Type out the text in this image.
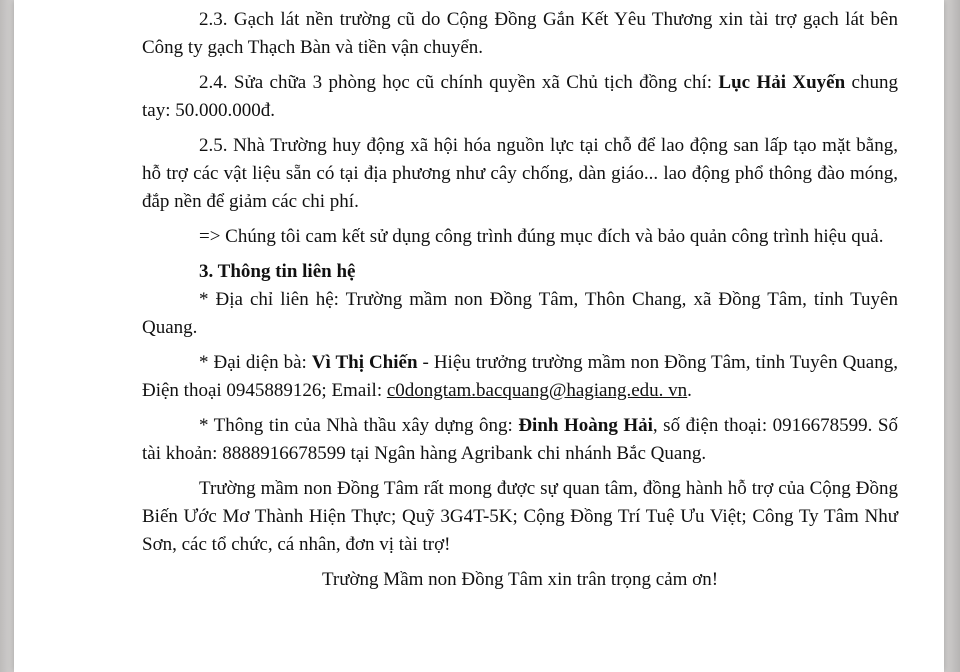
2.3. Gạch lát nền trường cũ do Cộng Đồng Gắn Kết Yêu Thương xin tài trợ gạch lát bên Công ty gạch Thạch Bàn và tiền vận chuyển.

2.4. Sửa chữa 3 phòng học cũ chính quyền xã Chủ tịch đồng chí: Lục Hải Xuyến chung tay: 50.000.000đ.

2.5. Nhà Trường huy động xã hội hóa nguồn lực tại chỗ để lao động san lấp tạo mặt bằng, hỗ trợ các vật liệu sẵn có tại địa phương như cây chống, dàn giáo... lao động phổ thông đào móng, đắp nền để giảm các chi phí.

=> Chúng tôi cam kết sử dụng công trình đúng mục đích và bảo quản công trình hiệu quả.

3. Thông tin liên hệ

* Địa chỉ liên hệ: Trường mầm non Đồng Tâm, Thôn Chang, xã Đồng Tâm, tỉnh Tuyên Quang.

* Đại diện bà: Vì Thị Chiến - Hiệu trưởng trường mầm non Đồng Tâm, tỉnh Tuyên Quang, Điện thoại 0945889126; Email: c0dongtam.bacquang@hagiang.edu. vn.

* Thông tin của Nhà thầu xây dựng ông: Đinh Hoàng Hải, số điện thoại: 0916678599. Số tài khoản: 8888916678599 tại Ngân hàng Agribank chi nhánh Bắc Quang.

Trường mầm non Đồng Tâm rất mong được sự quan tâm, đồng hành hỗ trợ của Cộng Đồng Biến Ước Mơ Thành Hiện Thực; Quỹ 3G4T-5K; Cộng Đồng Trí Tuệ Ưu Việt; Công Ty Tâm Như Sơn, các tổ chức, cá nhân, đơn vị tài trợ!

Trường Mầm non Đồng Tâm xin trân trọng cảm ơn!
